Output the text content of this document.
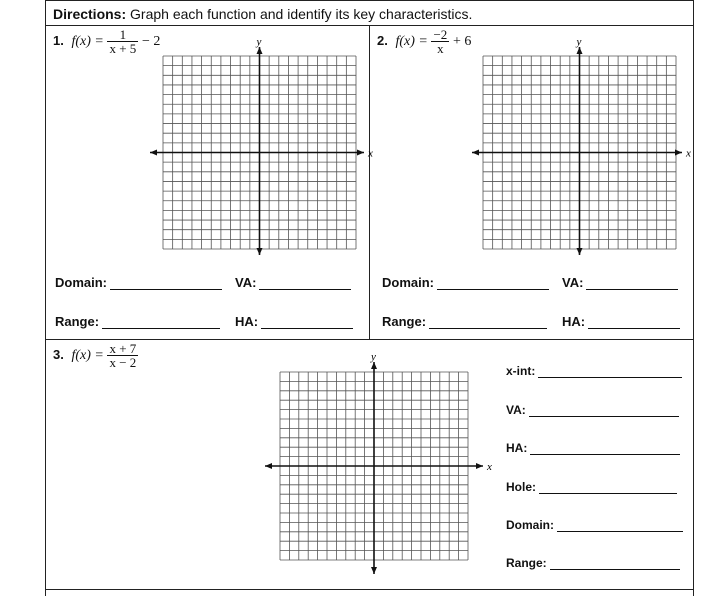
Directions: Graph each function and identify its key characteristics.
1. $f(x) = \frac{1}{x + 5} - 2$	2. $f(x) = \frac{-2}{x} + 6$
3. $f(x) = \frac{x + 7}{x - 2}$
x
y
x
y
x
y
Domain:	VA:
Range:	HA:
Domain:	VA:
Range:	HA:
x-int:
VA:
HA:
Hole:
Domain:
Range:
